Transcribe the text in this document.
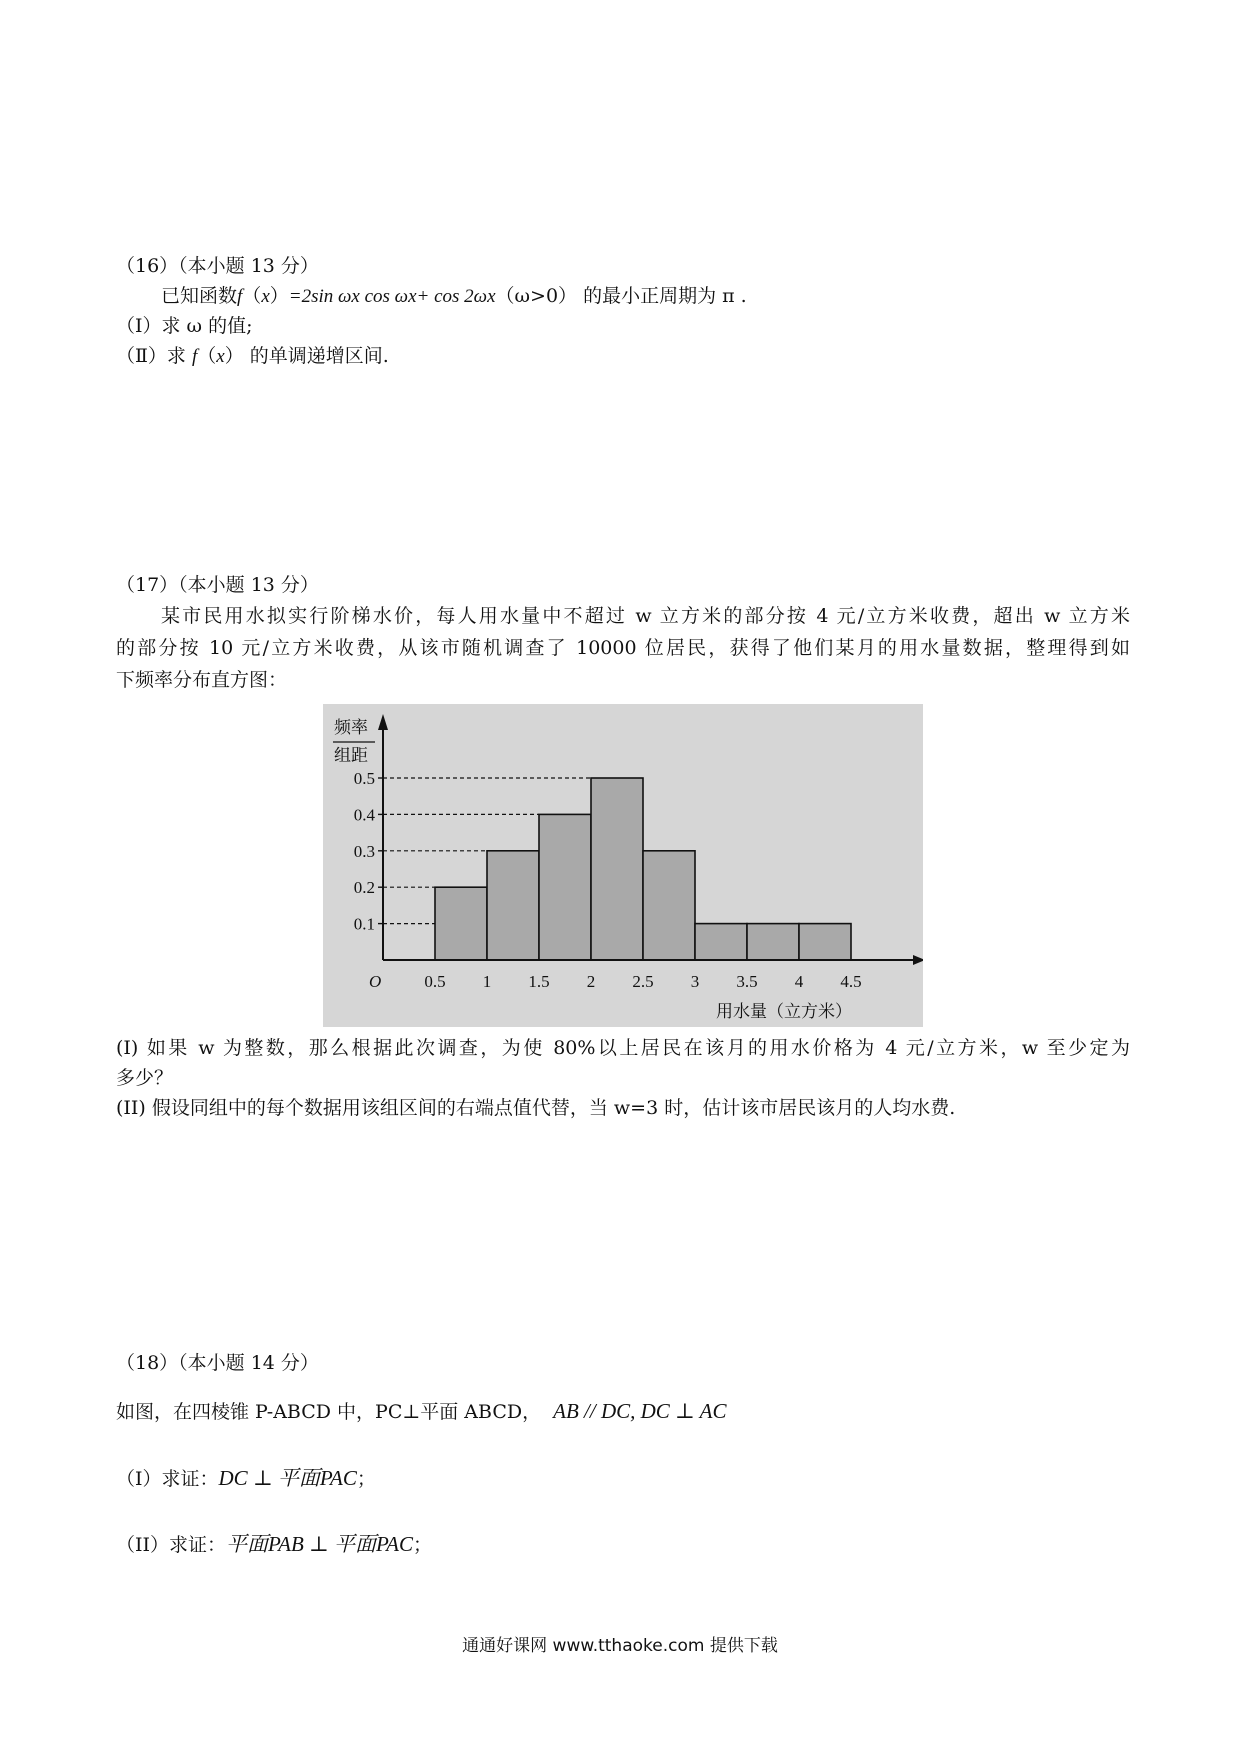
（16）（本小题 13 分）
已知函数f（x）=2sin ωx cos ωx+ cos 2ωx（ω>0） 的最小正周期为 π .
（Ⅰ）求 ω 的值;
（Ⅱ）求 f（x） 的单调递增区间.
（17）（本小题 13 分）
某市民用水拟实行阶梯水价，每人用水量中不超过 w 立方米的部分按 4 元/立方米收费，超出 w 立方米
的部分按 10 元/立方米收费，从该市随机调查了 10000 位居民，获得了他们某月的用水量数据，整理得到如
下频率分布直方图：
0.1
0.2
0.3
0.4
0.5
0.5 1 1.5 2 2.5 3 3.5 4 4.5
频率
组距
O
用水量（立方米）
(I) 如果 w 为整数，那么根据此次调查，为使 80%以上居民在该月的用水价格为 4 元/立方米，w 至少定为
多少？
(II) 假设同组中的每个数据用该组区间的右端点值代替，当 w=3 时，估计该市居民该月的人均水费.
（18）（本小题 14 分）
如图，在四棱锥 P-ABCD 中，PC⊥平面 ABCD， AB // DC, DC ⊥ AC
（I）求证：DC ⊥ 平面PAC；
（II）求证：平面PAB ⊥ 平面PAC；
通通好课网 www.tthaoke.com 提供下载
